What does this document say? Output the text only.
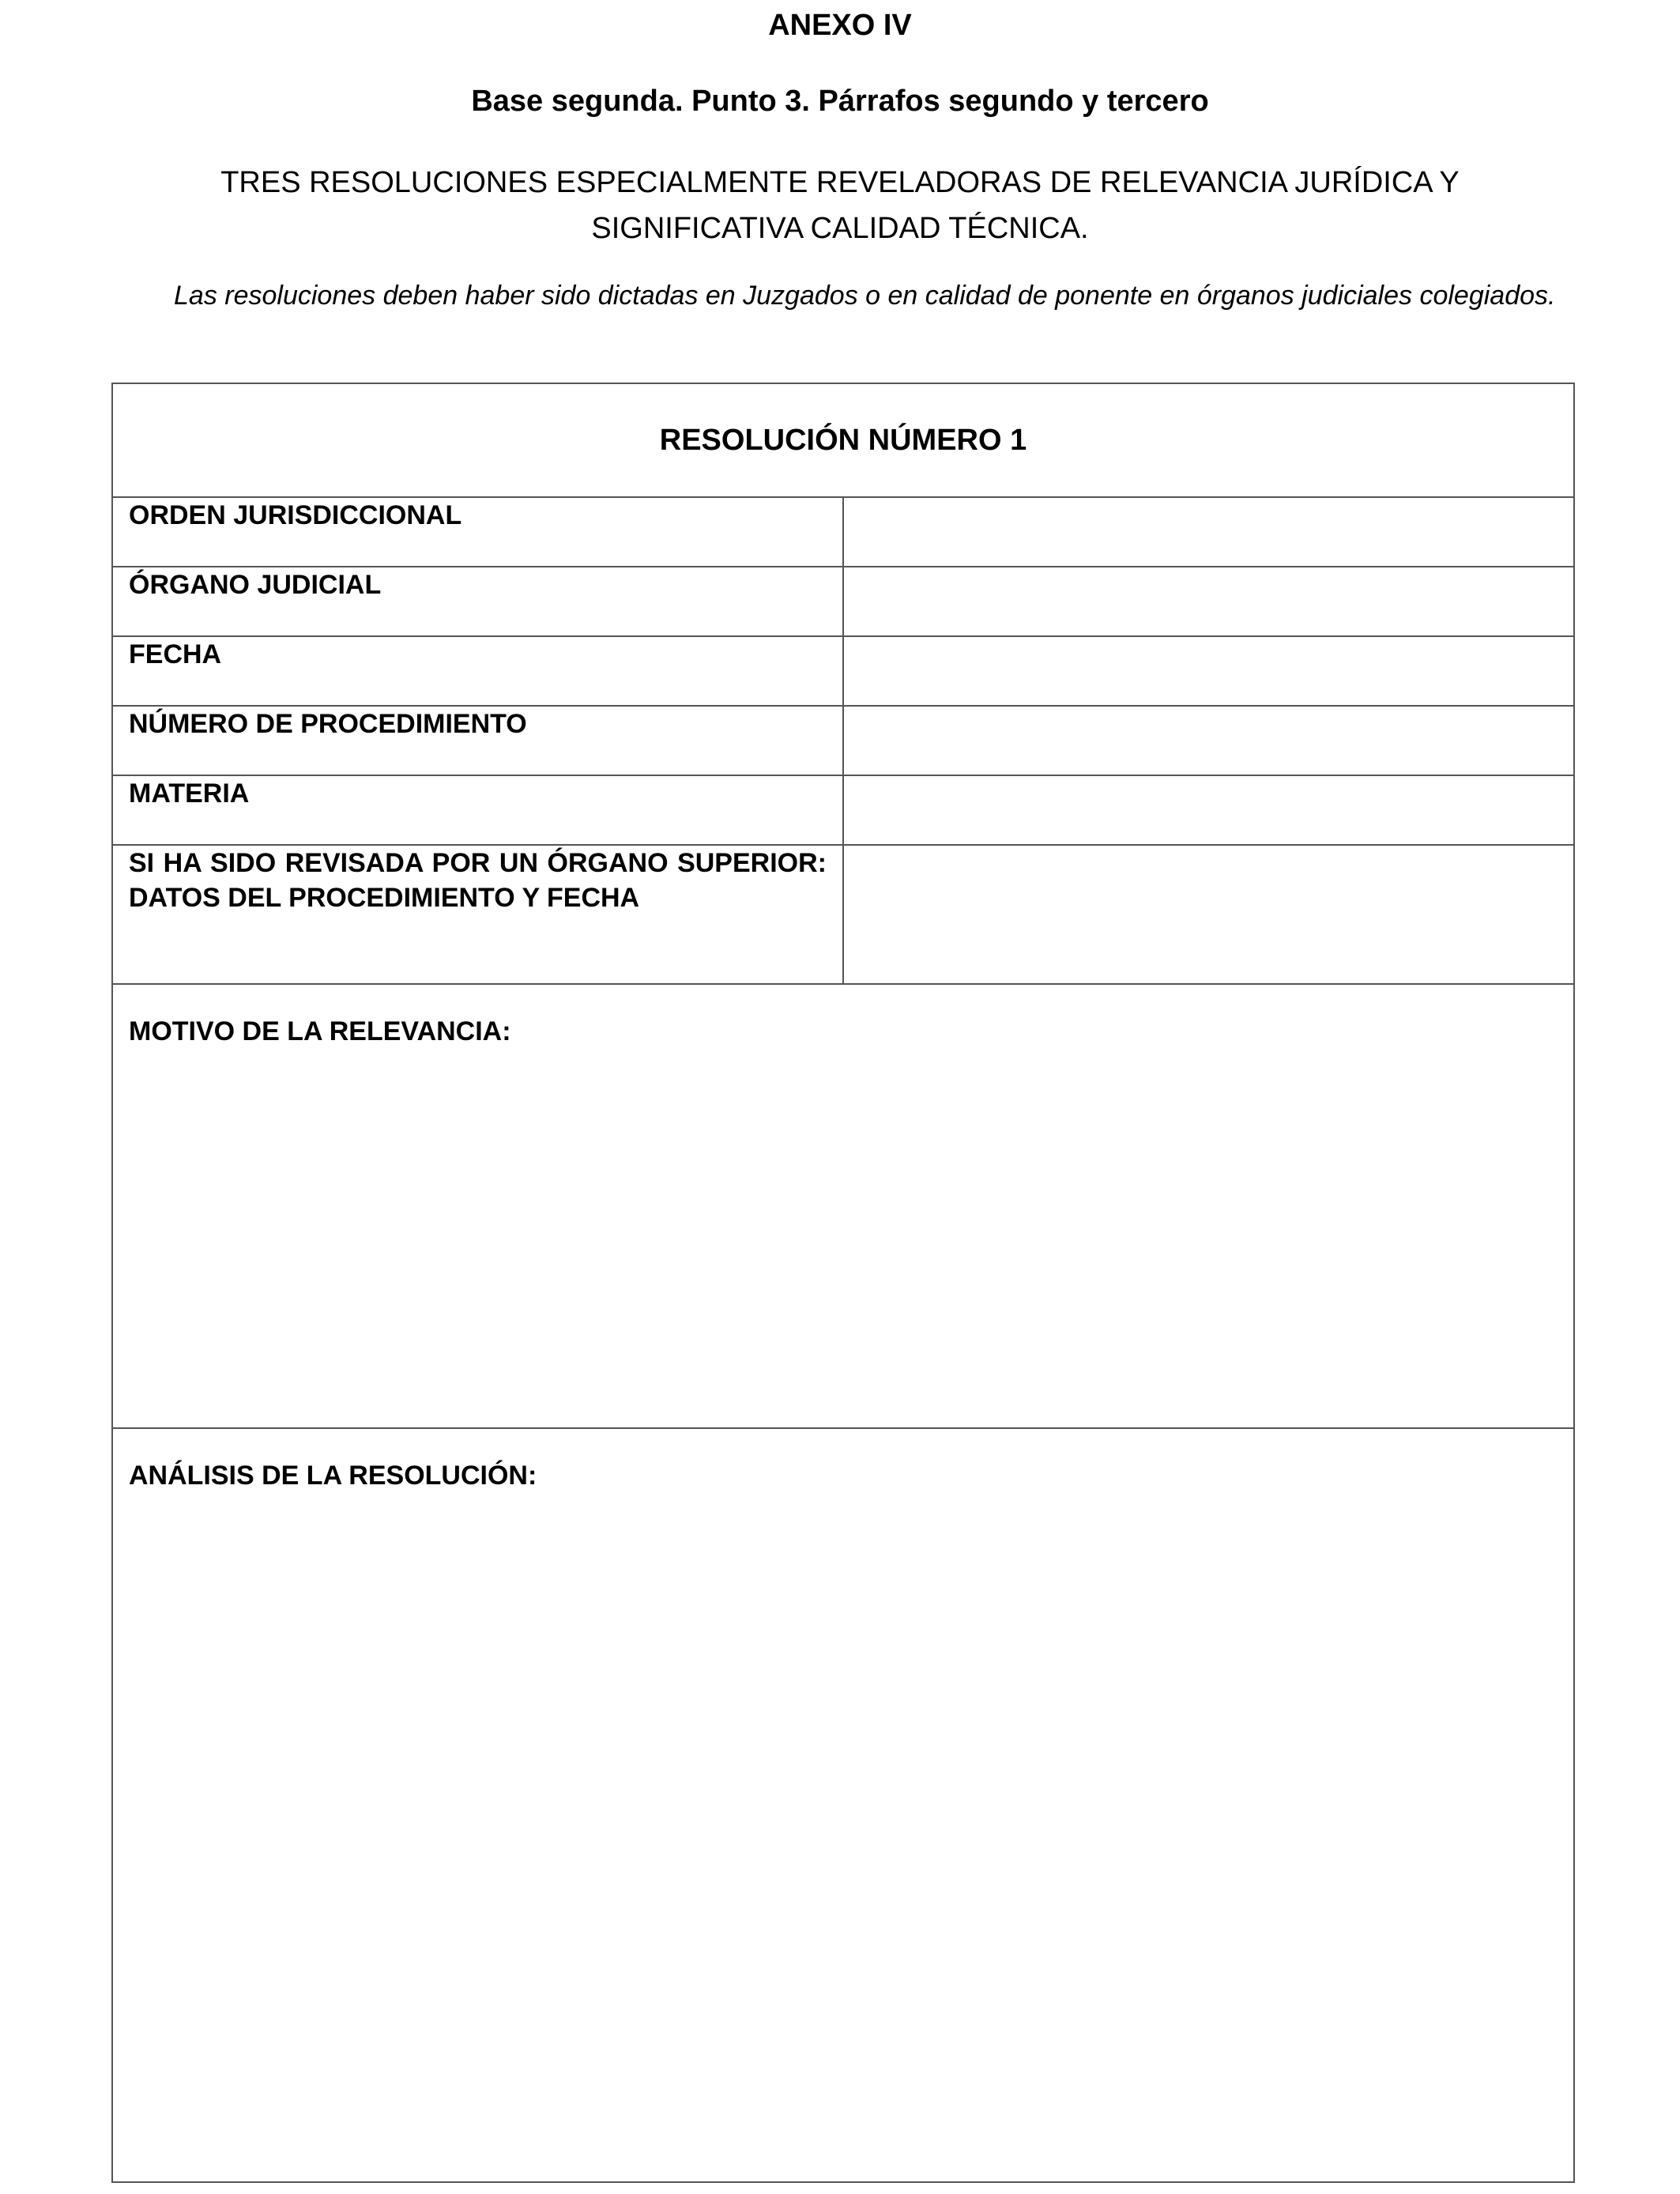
ANEXO IV
Base segunda. Punto 3. Párrafos segundo y tercero

TRES RESOLUCIONES ESPECIALMENTE REVELADORAS DE RELEVANCIA JURÍDICA Y SIGNIFICATIVA CALIDAD TÉCNICA.

Las resoluciones deben haber sido dictadas en Juzgados o en calidad de ponente en órganos judiciales colegiados.

RESOLUCIÓN NÚMERO 1	

ORDEN JURISDICCIONAL	

ÓRGANO JUDICIAL	

FECHA	

NÚMERO DE PROCEDIMIENTO	

MATERIA	

SI HA SIDO REVISADA POR UN ÓRGANO SUPERIOR: DATOS DEL PROCEDIMIENTO Y FECHA	

MOTIVO DE LA RELEVANCIA:	
ANÁLISIS DE LA RESOLUCIÓN:	
